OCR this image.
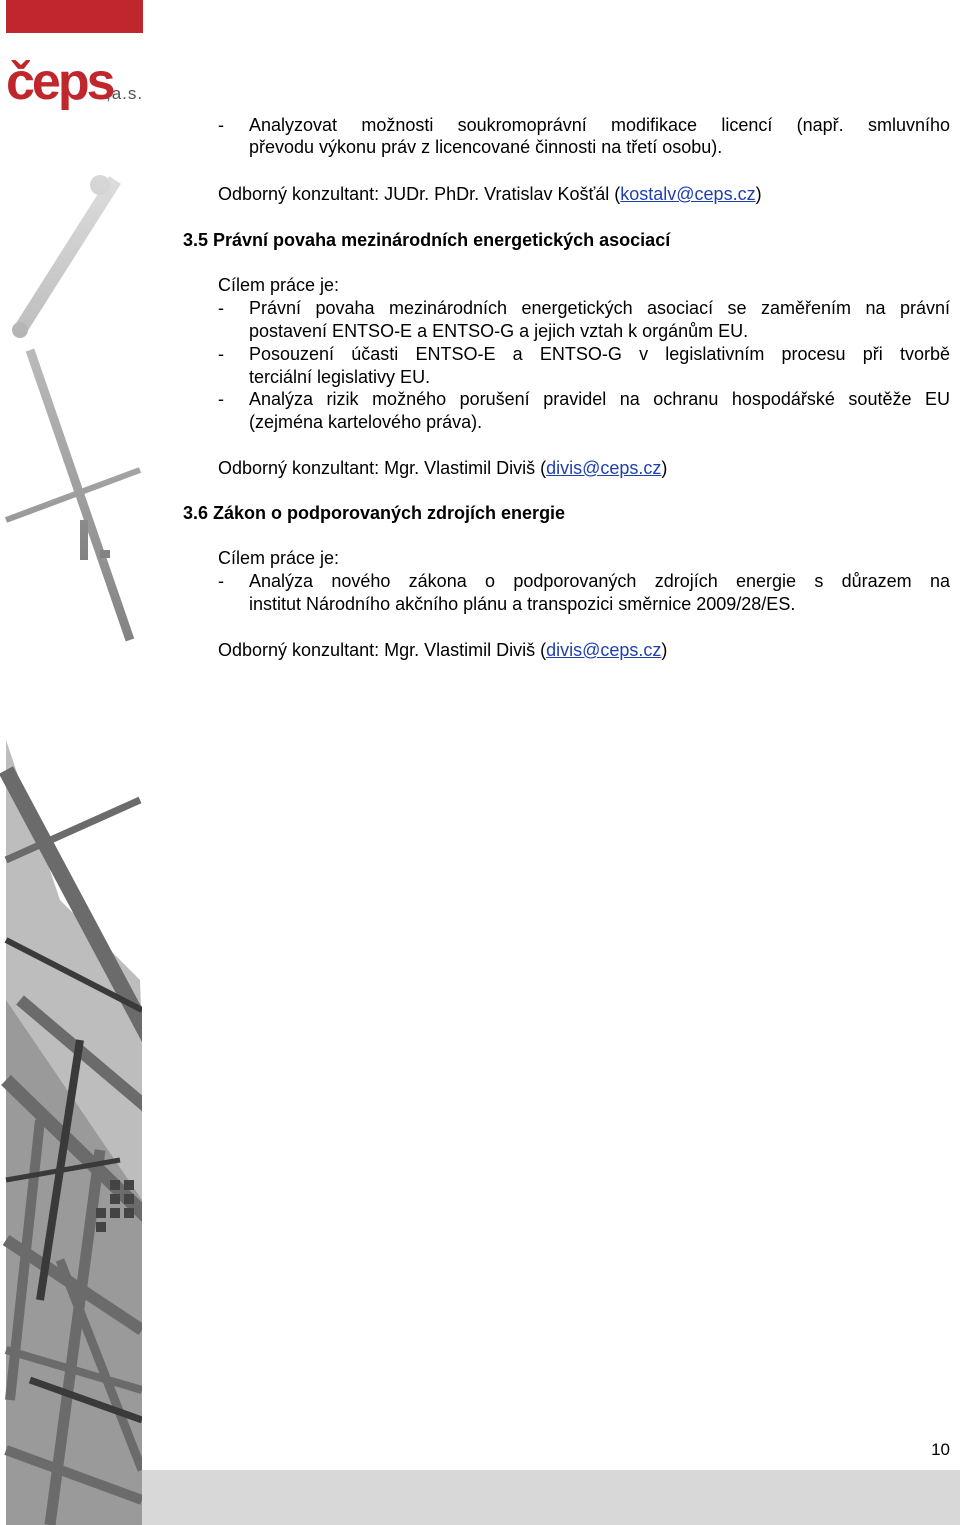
čeps
,a.s.
- Analyzovat možnosti soukromoprávní modifikace licencí (např. smluvního
převodu výkonu práv z licencované činnosti na třetí osobu).
Odborný konzultant: JUDr. PhDr. Vratislav Košťál (kostalv@ceps.cz)
3.5 Právní povaha mezinárodních energetických asociací
Cílem práce je:
- Právní povaha mezinárodních energetických asociací se zaměřením na právní
postavení ENTSO-E a ENTSO-G a jejich vztah k orgánům EU.
- Posouzení účasti ENTSO-E a ENTSO-G v legislativním procesu při tvorbě
terciální legislativy EU.
- Analýza rizik možného porušení pravidel na ochranu hospodářské soutěže EU
(zejména kartelového práva).
Odborný konzultant: Mgr. Vlastimil Diviš (divis@ceps.cz)
3.6 Zákon o podporovaných zdrojích energie
Cílem práce je:
- Analýza nového zákona o podporovaných zdrojích energie s důrazem na
institut Národního akčního plánu a transpozici směrnice 2009/28/ES.
Odborný konzultant: Mgr. Vlastimil Diviš (divis@ceps.cz)
10
